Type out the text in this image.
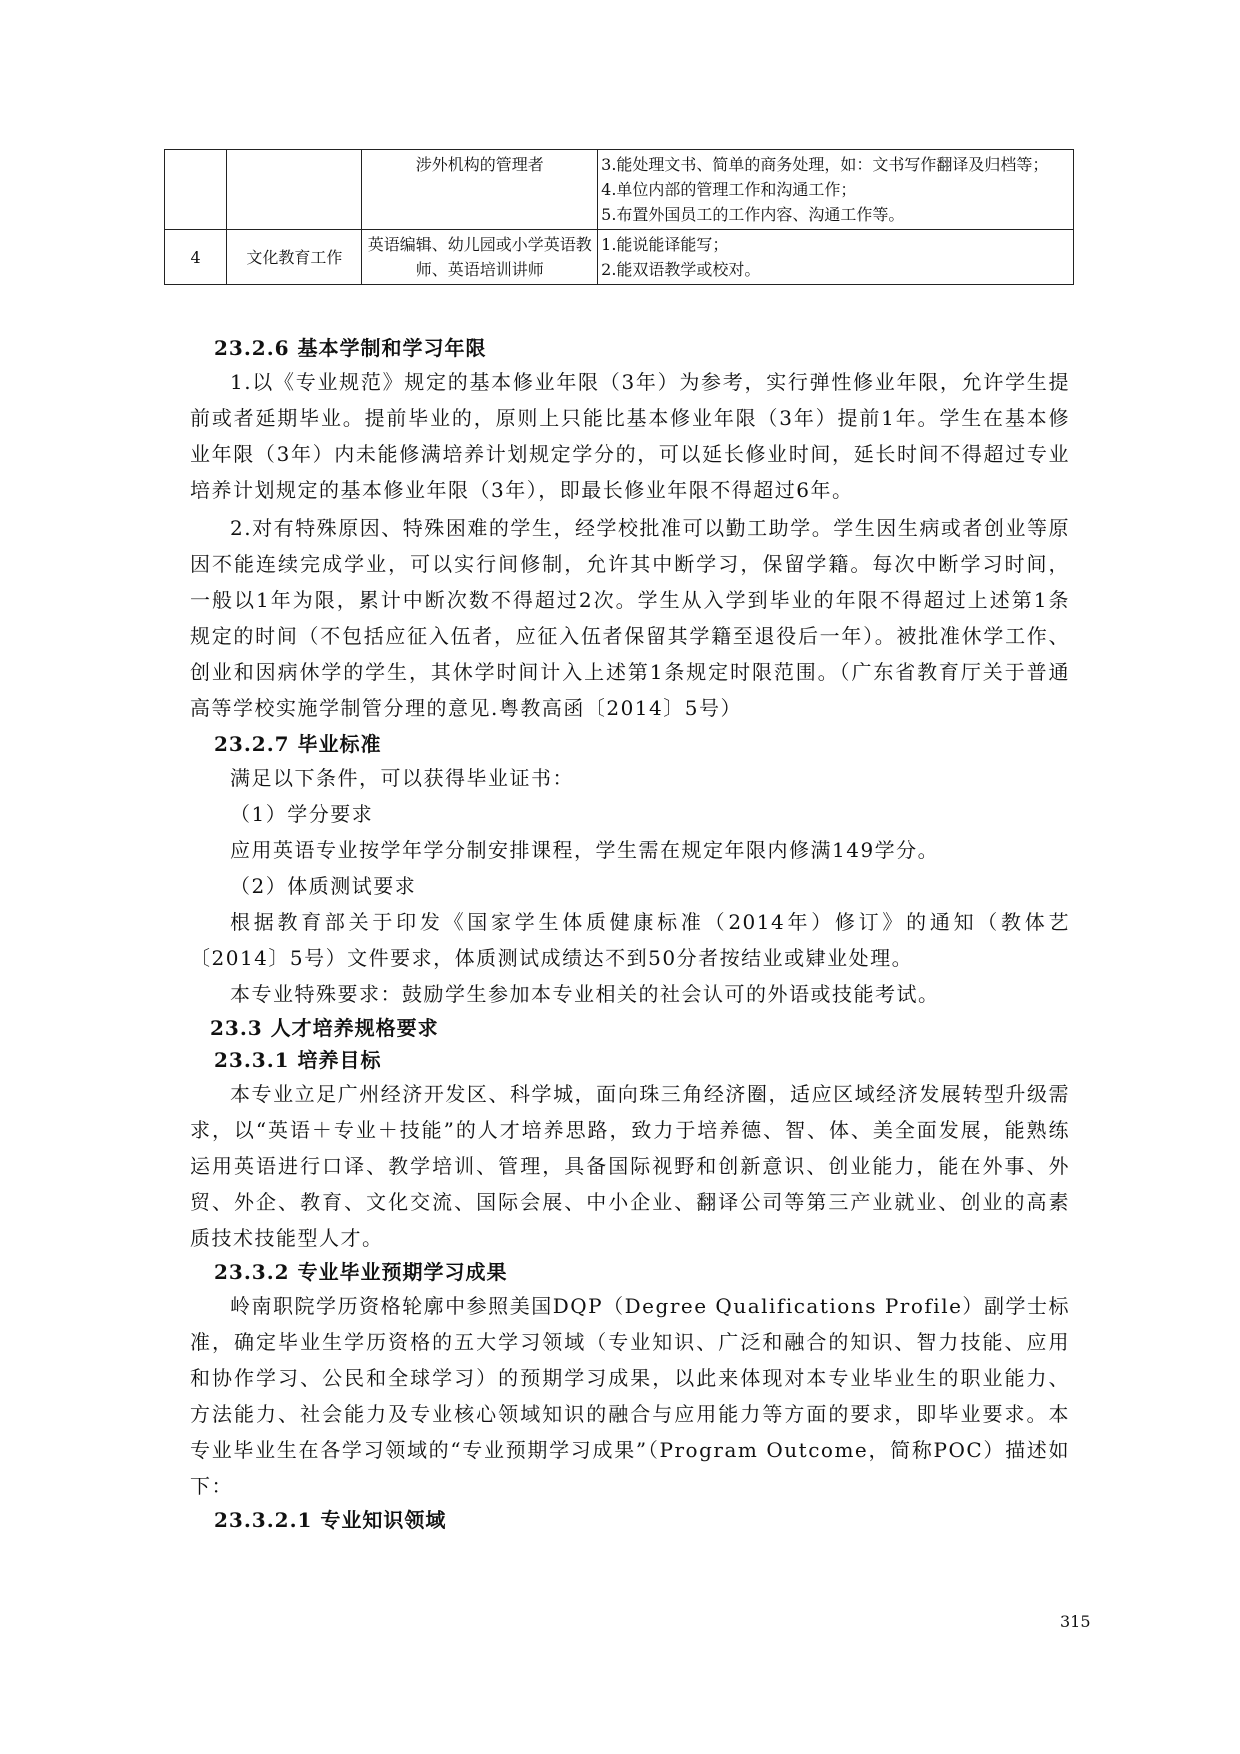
		涉外机构的管理者	3.能处理文书、简单的商务处理，如：文书写作翻译及归档等；
4.单位内部的管理工作和沟通工作；
5.布置外国员工的工作内容、沟通工作等。

4	文化教育工作	英语编辑、幼儿园或小学英语教师、英语培训讲师	1.能说能译能写；
2.能双语教学或校对。

23.2.6 基本学制和学习年限

1.以《专业规范》规定的基本修业年限（3年）为参考，实行弹性修业年限，允许学生提前或者延期毕业。提前毕业的，原则上只能比基本修业年限（3年）提前1年。学生在基本修业年限（3年）内未能修满培养计划规定学分的，可以延长修业时间，延长时间不得超过专业培养计划规定的基本修业年限（3年），即最长修业年限不得超过6年。

2.对有特殊原因、特殊困难的学生，经学校批准可以勤工助学。学生因生病或者创业等原因不能连续完成学业，可以实行间修制，允许其中断学习，保留学籍。每次中断学习时间，一般以1年为限，累计中断次数不得超过2次。学生从入学到毕业的年限不得超过上述第1条规定的时间（不包括应征入伍者，应征入伍者保留其学籍至退役后一年）。被批准休学工作、创业和因病休学的学生，其休学时间计入上述第1条规定时限范围。（广东省教育厅关于普通高等学校实施学制管分理的意见.粤教高函〔2014〕5号）

23.2.7 毕业标准

满足以下条件，可以获得毕业证书：

（1）学分要求

应用英语专业按学年学分制安排课程，学生需在规定年限内修满149学分。

（2）体质测试要求

根据教育部关于印发《国家学生体质健康标准（2014年）修订》的通知（教体艺〔2014〕5号）文件要求，体质测试成绩达不到50分者按结业或肄业处理。

本专业特殊要求：鼓励学生参加本专业相关的社会认可的外语或技能考试。

23.3 人才培养规格要求

23.3.1 培养目标

本专业立足广州经济开发区、科学城，面向珠三角经济圈，适应区域经济发展转型升级需求，以“英语＋专业＋技能”的人才培养思路，致力于培养德、智、体、美全面发展，能熟练运用英语进行口译、教学培训、管理，具备国际视野和创新意识、创业能力，能在外事、外贸、外企、教育、文化交流、国际会展、中小企业、翻译公司等第三产业就业、创业的高素质技术技能型人才。

23.3.2 专业毕业预期学习成果

岭南职院学历资格轮廓中参照美国DQP（Degree Qualifications Profile）副学士标准，确定毕业生学历资格的五大学习领域（专业知识、广泛和融合的知识、智力技能、应用和协作学习、公民和全球学习）的预期学习成果，以此来体现对本专业毕业生的职业能力、方法能力、社会能力及专业核心领域知识的融合与应用能力等方面的要求，即毕业要求。本专业毕业生在各学习领域的“专业预期学习成果”（Program Outcome，简称POC）描述如下：

23.3.2.1 专业知识领域

315
